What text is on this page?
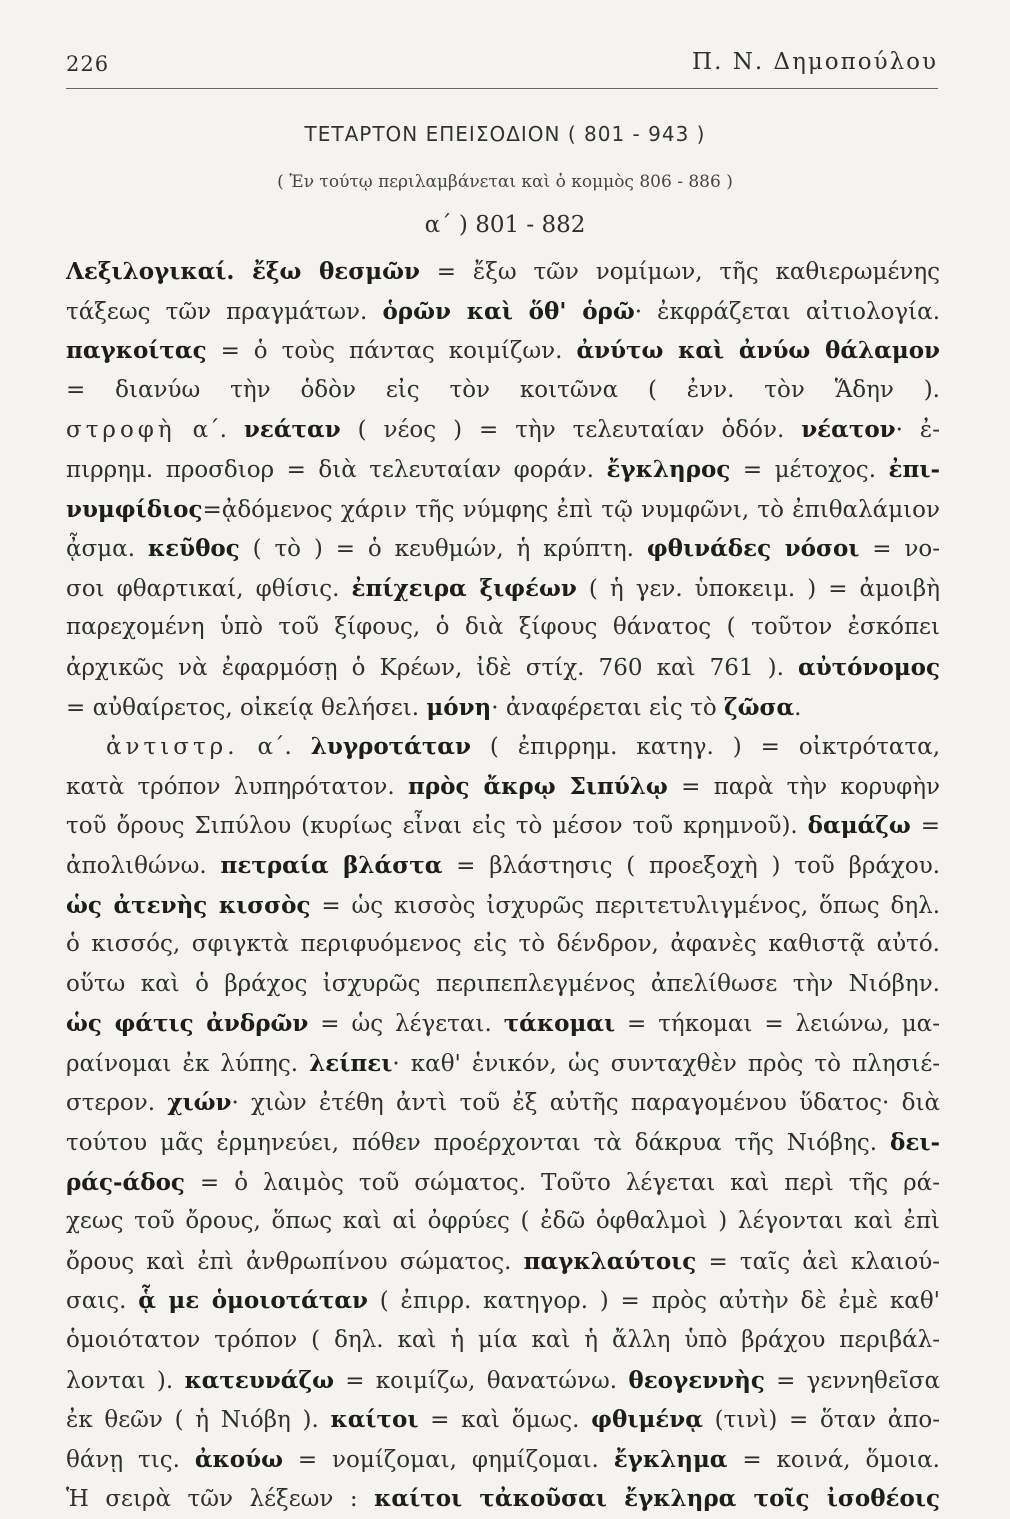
226	Π. Ν. Δημοπούλου
ΤΕΤΑΡΤΟΝ ΕΠΕΙΣΟΔΙΟΝ ( 801 - 943 )
( Ἐν τούτῳ περιλαμβάνεται καὶ ὁ κομμὸς 806 - 886 )
α΄ ) 801 - 882
Λεξιλογικαί. ἔξω θεσμῶν = ἔξω τῶν νομίμων, τῆς καθιερωμένης
τάξεως τῶν πραγμάτων. ὁρῶν καὶ ὅθ' ὁρῶ· ἐκφράζεται αἰτιολογία.
παγκοίτας = ὁ τοὺς πάντας κοιμίζων. ἀνύτω καὶ ἀνύω θάλαμον
= διανύω τὴν ὁδὸν εἰς τὸν κοιτῶνα ( ἐνν. τὸν Ἅδην ).
στροφὴ α΄. νεάταν ( νέος ) = τὴν τελευταίαν ὁδόν. νέατον· ἐ-
πιρρημ. προσδιορ = διὰ τελευταίαν φοράν. ἔγκληρος = μέτοχος. ἐπι-
νυμφίδιος=ᾀδόμενος χάριν τῆς νύμφης ἐπὶ τῷ νυμφῶνι, τὸ ἐπιθαλάμιον
ᾆσμα. κεῦθος ( τὸ ) = ὁ κευθμών, ἡ κρύπτη. φθινάδες νόσοι = νο-
σοι φθαρτικαί, φθίσις. ἐπίχειρα ξιφέων ( ἡ γεν. ὑποκειμ. ) = ἀμοιβὴ
παρεχομένη ὑπὸ τοῦ ξίφους, ὁ διὰ ξίφους θάνατος ( τοῦτον ἐσκόπει
ἀρχικῶς νὰ ἐφαρμόσῃ ὁ Κρέων, ἰδὲ στίχ. 760 καὶ 761 ). αὐτόνομος
= αὐθαίρετος, οἰκείᾳ θελήσει. μόνη· ἀναφέρεται εἰς τὸ ζῶσα.
ἀντιστρ. α΄. λυγροτάταν ( ἐπιρρημ. κατηγ. ) = οἰκτρότατα,
κατὰ τρόπον λυπηρότατον. πρὸς ἄκρῳ Σιπύλῳ = παρὰ τὴν κορυφὴν
τοῦ ὄρους Σιπύλου (κυρίως εἶναι εἰς τὸ μέσον τοῦ κρημνοῦ). δαμάζω =
ἀπολιθώνω. πετραία βλάστα = βλάστησις ( προεξοχὴ ) τοῦ βράχου.
ὡς ἀτενὴς κισσὸς = ὡς κισσὸς ἰσχυρῶς περιτετυλιγμένος, ὅπως δηλ.
ὁ κισσός, σφιγκτὰ περιφυόμενος εἰς τὸ δένδρον, ἀφανὲς καθιστᾷ αὐτό.
οὕτω καὶ ὁ βράχος ἰσχυρῶς περιπεπλεγμένος ἀπελίθωσε τὴν Νιόβην.
ὡς φάτις ἀνδρῶν = ὡς λέγεται. τάκομαι = τήκομαι = λειώνω, μα-
ραίνομαι ἐκ λύπης. λείπει· καθ' ἑνικόν, ὡς συνταχθὲν πρὸς τὸ πλησιέ-
στερον. χιών· χιὼν ἐτέθη ἀντὶ τοῦ ἐξ αὐτῆς παραγομένου ὕδατος· διὰ
τούτου μᾶς ἑρμηνεύει, πόθεν προέρχονται τὰ δάκρυα τῆς Νιόβης. δει-
ράς-άδος = ὁ λαιμὸς τοῦ σώματος. Τοῦτο λέγεται καὶ περὶ τῆς ρά-
χεως τοῦ ὄρους, ὅπως καὶ αἱ ὀφρύες ( ἐδῶ ὀφθαλμοὶ ) λέγονται καὶ ἐπὶ
ὄρους καὶ ἐπὶ ἀνθρωπίνου σώματος. παγκλαύτοις = ταῖς ἀεὶ κλαιού-
σαις. ᾇ με ὁμοιοτάταν ( ἐπιρρ. κατηγορ. ) = πρὸς αὐτὴν δὲ ἐμὲ καθ'
ὁμοιότατον τρόπον ( δηλ. καὶ ἡ μία καὶ ἡ ἄλλη ὑπὸ βράχου περιβάλ-
λονται ). κατευνάζω = κοιμίζω, θανατώνω. θεογεννὴς = γεννηθεῖσα
ἐκ θεῶν ( ἡ Νιόβη ). καίτοι = καὶ ὅμως. φθιμένᾳ (τινὶ) = ὅταν ἀπο-
θάνῃ τις. ἀκούω = νομίζομαι, φημίζομαι. ἔγκλημα = κοινά, ὅμοια.
Ἡ σειρὰ τῶν λέξεων : καίτοι τἀκοῦσαι ἔγκληρα τοῖς ἰσοθέοις
